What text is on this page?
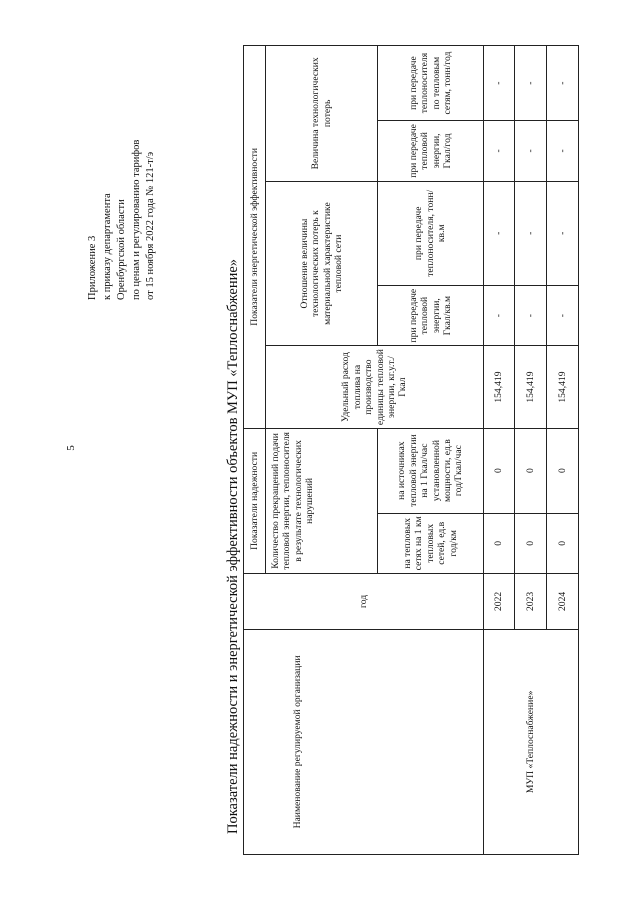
5
Приложение 3 к приказу департамента Оренбургской области по ценам и регулированию тарифов от 15 ноября 2022 года № 121-т/э
Показатели надежности и энергетической эффективности объектов МУП «Теплоснабжение»	Наименование регулируемой организации	год	Показатели надежности		Показатели энергетической эффективности				
		Количество прекращений подачи тепловой энергии, теплоносителя в результате технологических нарушений		Удельный расход топлива на производство единицы тепловой энергии, кг.у.т./Гкал	Отношение величины технологических потерь к материальной характеристике тепловой сети		Величина технологических потерь	
		на тепловых сетях на 1 км тепловых сетей, ед.в год/км	на источниках тепловой энергии на 1 Гкал/час установленной мощности, ед.в год/Гкал/час		при передаче тепловой энергии, Гкал/кв.м	при передаче теплоносителя, тонн/кв.м	при передаче тепловой энергии, Гкал/год	при передаче теплоносителя по тепловым сетям, тонн/год
МУП «Теплоснабжение»	2022	0	0	154,419	-	-	-	-
	2023	0	0	154,419	-	-	-	-
	2024	0	0	154,419	-	-	-	-
